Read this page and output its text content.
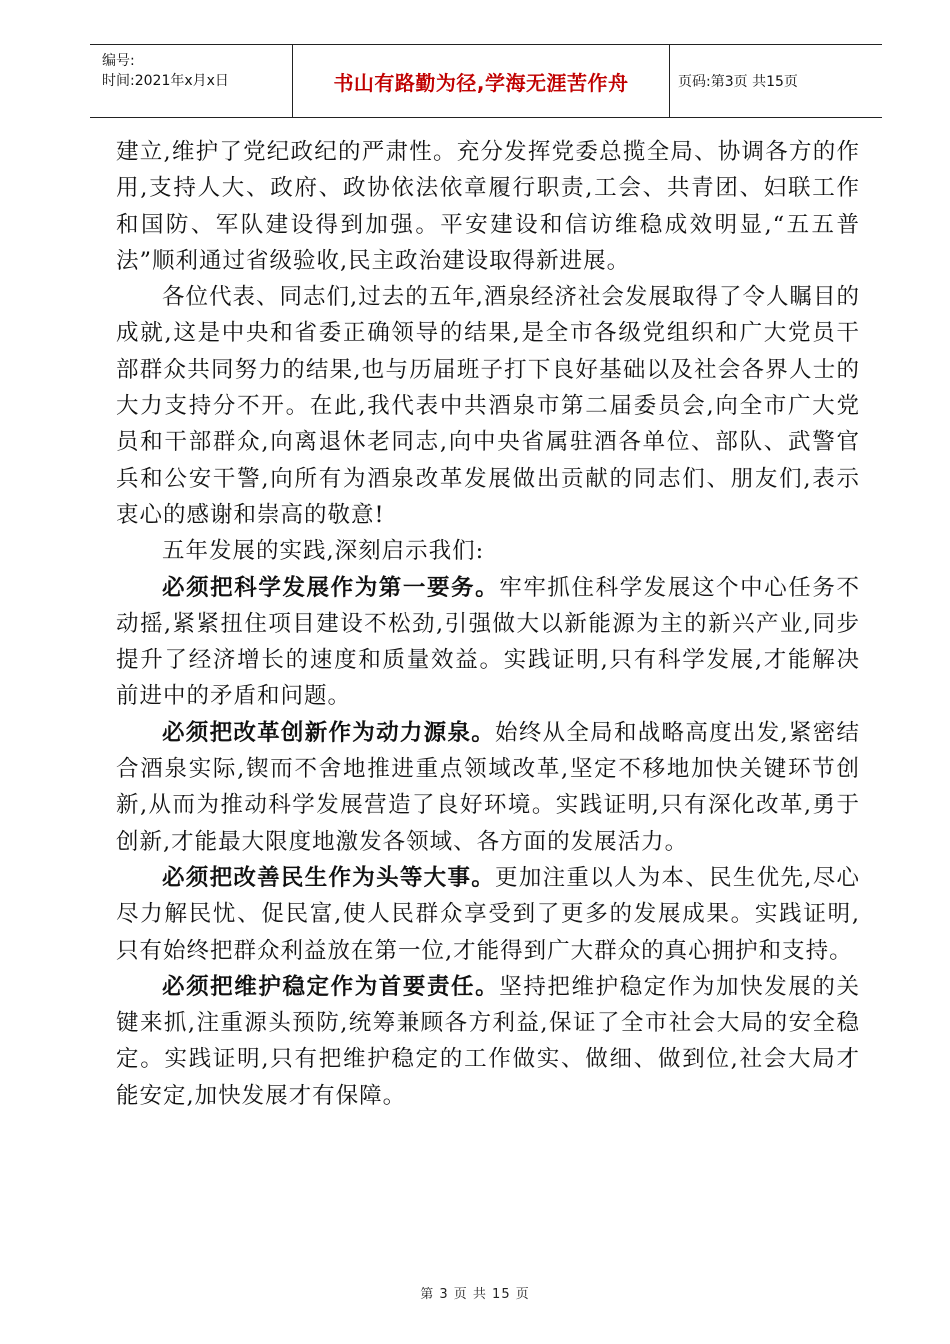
编号:
时间:2021年x月x日	书山有路勤为径,学海无涯苦作舟	页码:第3页 共15页

建立,维护了党纪政纪的严肃性。充分发挥党委总揽全局、协调各方的作用,支持人大、政府、政协依法依章履行职责,工会、共青团、妇联工作和国防、军队建设得到加强。平安建设和信访维稳成效明显,“五五普法”顺利通过省级验收,民主政治建设取得新进展。

各位代表、同志们,过去的五年,酒泉经济社会发展取得了令人瞩目的成就,这是中央和省委正确领导的结果,是全市各级党组织和广大党员干部群众共同努力的结果,也与历届班子打下良好基础以及社会各界人士的大力支持分不开。在此,我代表中共酒泉市第二届委员会,向全市广大党员和干部群众,向离退休老同志,向中央省属驻酒各单位、部队、武警官兵和公安干警,向所有为酒泉改革发展做出贡献的同志们、朋友们,表示衷心的感谢和崇高的敬意!

五年发展的实践,深刻启示我们:

必须把科学发展作为第一要务。牢牢抓住科学发展这个中心任务不动摇,紧紧扭住项目建设不松劲,引强做大以新能源为主的新兴产业,同步提升了经济增长的速度和质量效益。实践证明,只有科学发展,才能解决前进中的矛盾和问题。

必须把改革创新作为动力源泉。始终从全局和战略高度出发,紧密结合酒泉实际,锲而不舍地推进重点领域改革,坚定不移地加快关键环节创新,从而为推动科学发展营造了良好环境。实践证明,只有深化改革,勇于创新,才能最大限度地激发各领域、各方面的发展活力。

必须把改善民生作为头等大事。更加注重以人为本、民生优先,尽心尽力解民忧、促民富,使人民群众享受到了更多的发展成果。实践证明,只有始终把群众利益放在第一位,才能得到广大群众的真心拥护和支持。

必须把维护稳定作为首要责任。坚持把维护稳定作为加快发展的关键来抓,注重源头预防,统筹兼顾各方利益,保证了全市社会大局的安全稳定。实践证明,只有把维护稳定的工作做实、做细、做到位,社会大局才能安定,加快发展才有保障。

第 3 页 共 15 页
